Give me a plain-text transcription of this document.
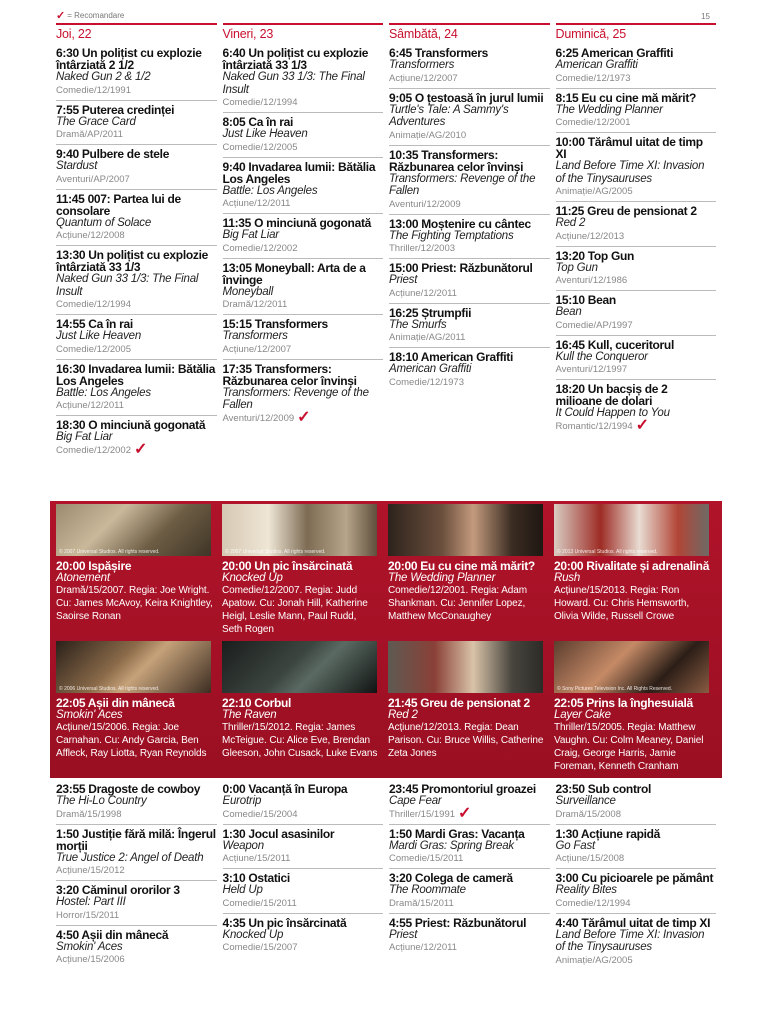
✓ = Recomandare	15
Joi, 22	Vineri, 23	Sâmbătă, 24	Duminică, 25
6:30 Un polițist cu explozie întârziată 2 1/2
Naked Gun 2 & 1/2
Comedie/12/1991
7:55 Puterea credinței
The Grace Card
Dramă/AP/2011
9:40 Pulbere de stele
Stardust
Aventuri/AP/2007
11:45 007: Partea lui de consolare
Quantum of Solace
Acțiune/12/2008
13:30 Un polițist cu explozie întârziată 33 1/3
Naked Gun 33 1/3: The Final Insult
Comedie/12/1994
14:55 Ca în rai
Just Like Heaven
Comedie/12/2005
16:30 Invadarea lumii: Bătălia Los Angeles
Battle: Los Angeles
Acțiune/12/2011
18:30 O minciună gogonată
Big Fat Liar
Comedie/12/2002 ✓
6:40 Un polițist cu explozie întârziată 33 1/3
Naked Gun 33 1/3: The Final Insult
Comedie/12/1994
8:05 Ca în rai
Just Like Heaven
Comedie/12/2005
9:40 Invadarea lumii: Bătălia Los Angeles
Battle: Los Angeles
Acțiune/12/2011
11:35 O minciună gogonată
Big Fat Liar
Comedie/12/2002
13:05 Moneyball: Arta de a învinge
Moneyball
Dramă/12/2011
15:15 Transformers
Transformers
Acțiune/12/2007
17:35 Transformers: Răzbunarea celor învinși
Transformers: Revenge of the Fallen
Aventuri/12/2009 ✓
6:45 Transformers
Transformers
Acțiune/12/2007
9:05 O țestoasă în jurul lumii
Turtle's Tale: A Sammy's Adventures
Animație/AG/2010
10:35 Transformers: Răzbunarea celor învinși
Transformers: Revenge of the Fallen
Aventuri/12/2009
13:00 Moștenire cu cântec
The Fighting Temptations
Thriller/12/2003
15:00 Priest: Răzbunătorul
Priest
Acțiune/12/2011
16:25 Ștrumpfii
The Smurfs
Animație/AG/2011
18:10 American Graffiti
American Graffiti
Comedie/12/1973
6:25 American Graffiti
American Graffiti
Comedie/12/1973
8:15 Eu cu cine mă mărit?
The Wedding Planner
Comedie/12/2001
10:00 Tărâmul uitat de timp XI
Land Before Time XI: Invasion of the Tinysauruses
Animație/AG/2005
11:25 Greu de pensionat 2
Red 2
Acțiune/12/2013
13:20 Top Gun
Top Gun
Aventuri/12/1986
15:10 Bean
Bean
Comedie/AP/1997
16:45 Kull, cuceritorul
Kull the Conqueror
Aventuri/12/1997
18:20 Un bacșiș de 2 milioane de dolari
It Could Happen to You
Romantic/12/1994 ✓
© 2007 Universal Studios. All rights reserved.
20:00 Ispășire
Atonement
Dramă/15/2007. Regia: Joe Wright. Cu: James McAvoy, Keira Knightley, Saoirse Ronan
© 2007 Universal Studios. All rights reserved.
20:00 Un pic însărcinată
Knocked Up
Comedie/12/2007. Regia: Judd Apatow. Cu: Jonah Hill, Katherine Heigl, Leslie Mann, Paul Rudd, Seth Rogen
20:00 Eu cu cine mă mărit?
The Wedding Planner
Comedie/12/2001. Regia: Adam Shankman. Cu: Jennifer Lopez, Matthew McConaughey
© 2013 Universal Studios. All rights reserved.
20:00 Rivalitate și adrenalină
Rush
Acțiune/15/2013. Regia: Ron Howard. Cu: Chris Hemsworth, Olivia Wilde, Russell Crowe
© 2006 Universal Studios. All rights reserved.
22:05 Așii din mânecă
Smokin' Aces
Acțiune/15/2006. Regia: Joe Carnahan. Cu: Andy Garcia, Ben Affleck, Ray Liotta, Ryan Reynolds
22:10 Corbul
The Raven
Thriller/15/2012. Regia: James McTeigue. Cu: Alice Eve, Brendan Gleeson, John Cusack, Luke Evans
21:45 Greu de pensionat 2
Red 2
Acțiune/12/2013. Regia: Dean Parison. Cu: Bruce Willis, Catherine Zeta Jones
© Sony Pictures Television Inc. All Rights Reserved.
22:05 Prins la înghesuială
Layer Cake
Thriller/15/2005. Regia: Matthew Vaughn. Cu: Colm Meaney, Daniel Craig, George Harris, Jamie Foreman, Kenneth Cranham
23:55 Dragoste de cowboy
The Hi-Lo Country
Dramă/15/1998
1:50 Justiție fără milă: Îngerul morții
True Justice 2: Angel of Death
Acțiune/15/2012
3:20 Căminul ororilor 3
Hostel: Part III
Horror/15/2011
4:50 Așii din mânecă
Smokin' Aces
Acțiune/15/2006
0:00 Vacanță în Europa
Eurotrip
Comedie/15/2004
1:30 Jocul asasinilor
Weapon
Acțiune/15/2011
3:10 Ostatici
Held Up
Comedie/15/2011
4:35 Un pic însărcinată
Knocked Up
Comedie/15/2007
23:45 Promontoriul groazei
Cape Fear
Thriller/15/1991 ✓
1:50 Mardi Gras: Vacanța
Mardi Gras: Spring Break
Comedie/15/2011
3:20 Colega de cameră
The Roommate
Dramă/15/2011
4:55 Priest: Răzbunătorul
Priest
Acțiune/12/2011
23:50 Sub control
Surveillance
Dramă/15/2008
1:30 Acțiune rapidă
Go Fast
Acțiune/15/2008
3:00 Cu picioarele pe pământ
Reality Bites
Comedie/12/1994
4:40 Tărâmul uitat de timp XI
Land Before Time XI: Invasion of the Tinysauruses
Animație/AG/2005
